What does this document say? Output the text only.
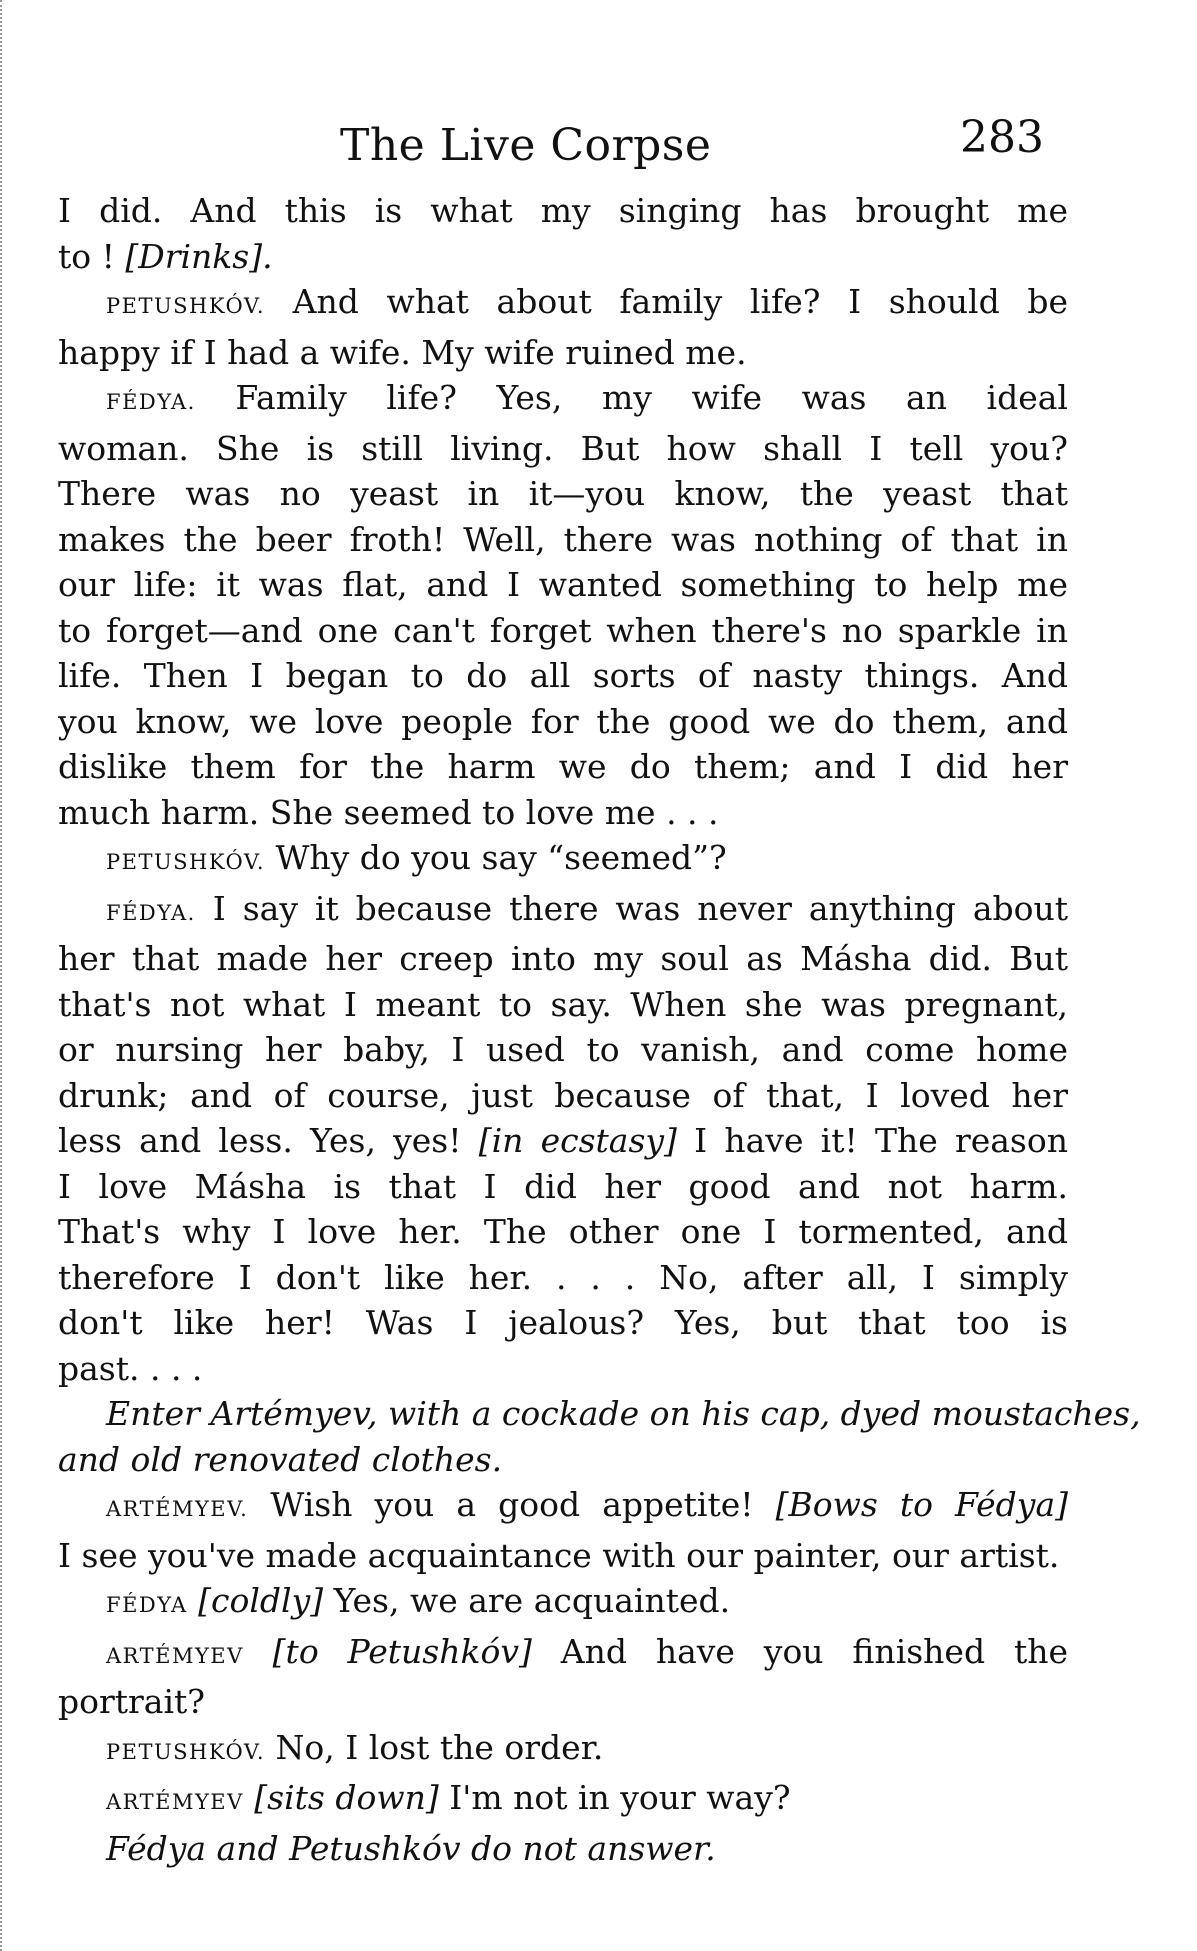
The Live Corpse	283
I did. And this is what my singing has brought me
to ! [Drinks].
PETUSHKÓV. And what about family life? I should be
happy if I had a wife. My wife ruined me.
FÉDYA. Family life? Yes, my wife was an ideal
woman. She is still living. But how shall I tell you?
There was no yeast in it—you know, the yeast that
makes the beer froth! Well, there was nothing of that in
our life: it was flat, and I wanted something to help me
to forget—and one can't forget when there's no sparkle in
life. Then I began to do all sorts of nasty things. And
you know, we love people for the good we do them, and
dislike them for the harm we do them; and I did her
much harm. She seemed to love me . . .
PETUSHKÓV. Why do you say “seemed”?
FÉDYA. I say it because there was never anything about
her that made her creep into my soul as Másha did. But
that's not what I meant to say. When she was pregnant,
or nursing her baby, I used to vanish, and come home
drunk; and of course, just because of that, I loved her
less and less. Yes, yes! [in ecstasy] I have it! The reason
I love Másha is that I did her good and not harm.
That's why I love her. The other one I tormented, and
therefore I don't like her. . . . No, after all, I simply
don't like her! Was I jealous? Yes, but that too is
past. . . .
Enter Artémyev, with a cockade on his cap, dyed moustaches,
and old renovated clothes.
ARTÉMYEV. Wish you a good appetite! [Bows to Fédya]
I see you've made acquaintance with our painter, our artist.
FÉDYA [coldly] Yes, we are acquainted.
ARTÉMYEV [to Petushkóv] And have you finished the
portrait?
PETUSHKÓV. No, I lost the order.
ARTÉMYEV [sits down] I'm not in your way?
Fédya and Petushkóv do not answer.
